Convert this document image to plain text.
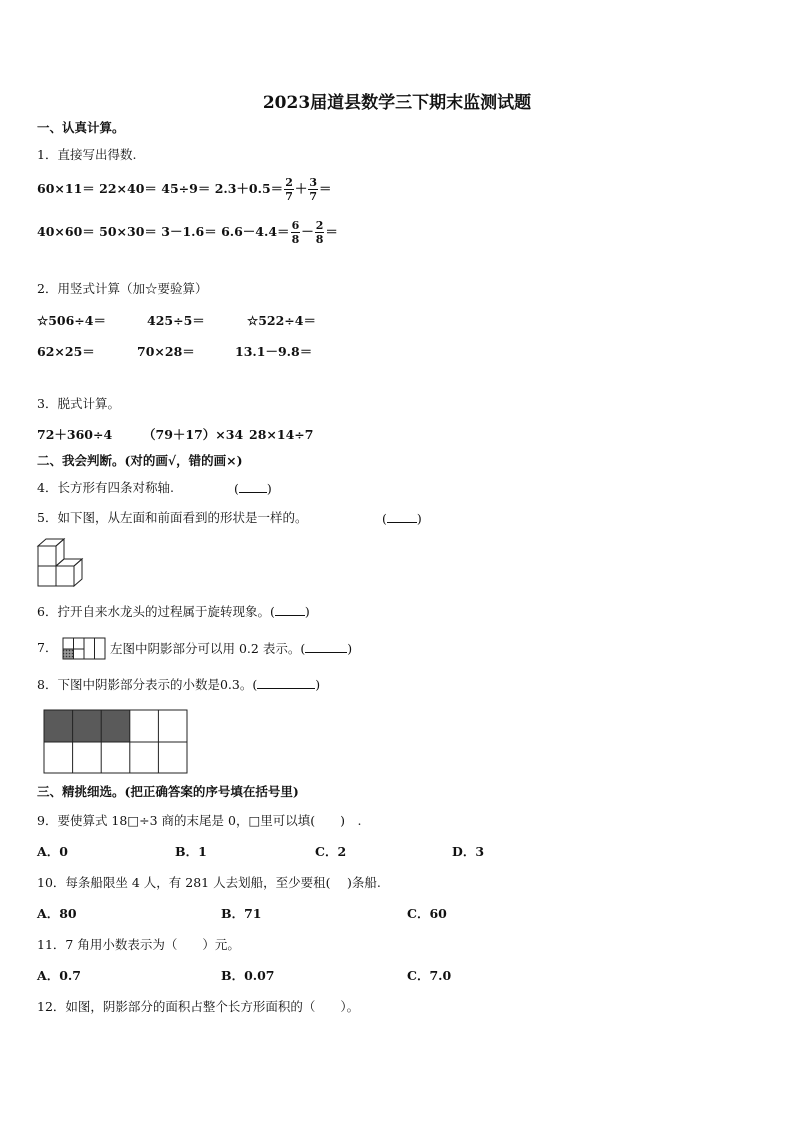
2023届道县数学三下期末监测试题
一、认真计算。
1．直接写出得数.
$60\times 11= 22\times 40= 45\div 9= 2.3+0.5= \frac{2}{7} + \frac{3}{7}$ ＝
$40\times 60= 50\times 30= 3-1.6= 6.6-4.4= \frac{6}{8} - \frac{2}{8}$ ＝
2．用竖式计算（加☆要验算）
☆506÷4＝	425÷5＝	☆522÷4＝
62×25＝	70×28＝	13.1－9.8＝
3．脱式计算。
72＋360÷4 （79＋17）×34 28×14÷7
二、我会判断。(对的画√，错的画×)
4．长方形有四条对称轴.	( )
5．如下图，从左面和前面看到的形状是一样的。	( )
6．拧开自来水龙头的过程属于旋转现象。( )
7．	左图中阴影部分可以用 0.2 表示。(	)
8．下图中阴影部分表示的小数是0.3。(	)
三、精挑细选。(把正确答案的序号填在括号里)
9．要使算式 18□÷3 商的末尾是 0，□里可以填(　　)　.
A．0	B．1	C．2	D．3
10．每条船限坐 4 人，有 281 人去划船，至少要租(　 )条船.
A．80	B．71	C．60
11．7 角用小数表示为（　　）元。
A．0.7	B．0.07	C．7.0
12．如图，阴影部分的面积占整个长方形面积的（　　）。
